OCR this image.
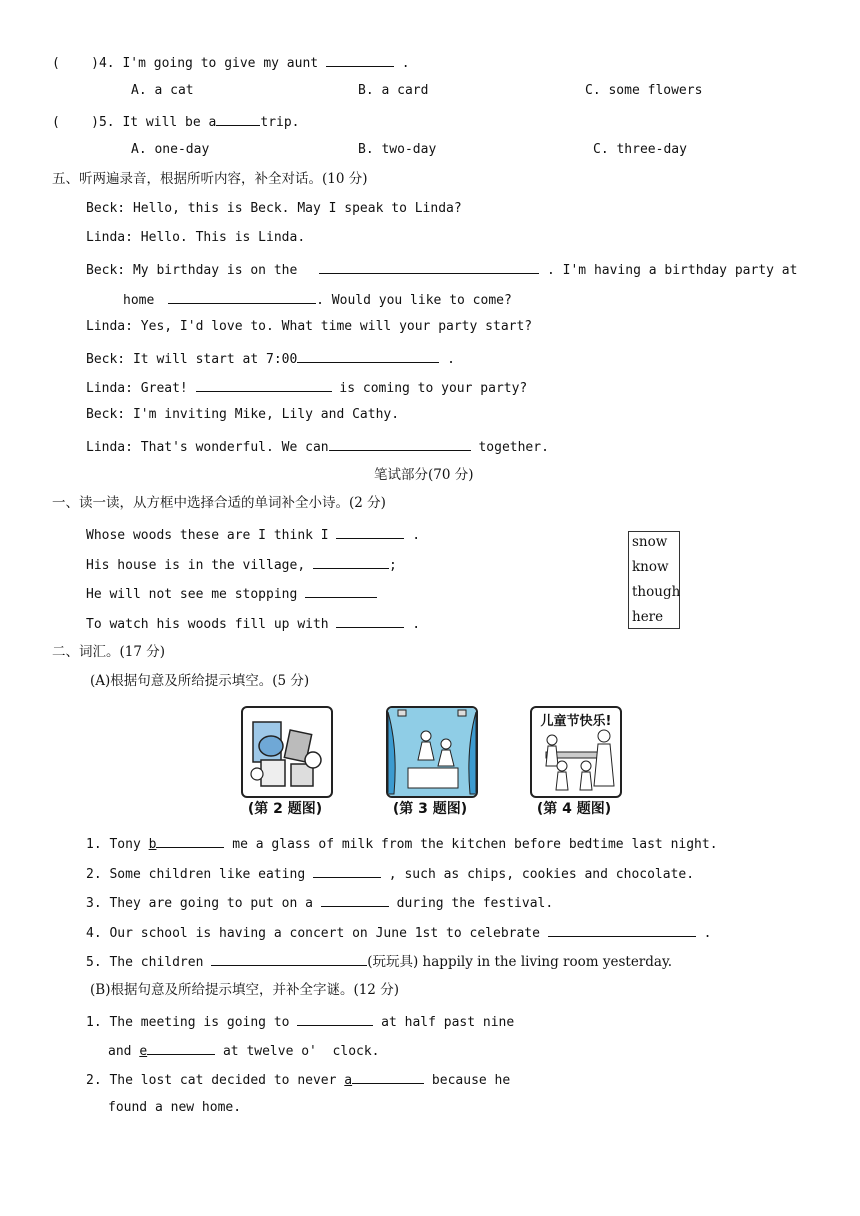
(    )4. I'm going to give my aunt	.
A. a cat	B. a card	C. some flowers
(    )5. It will be a	trip.
A. one-day	B. two-day	C. three-day
五、听两遍录音，根据所听内容，补全对话。(10 分)
Beck: Hello, this is Beck. May I speak to Linda?
Linda: Hello. This is Linda.
Beck: My birthday is on the	. I'm having a birthday party at
home	. Would you like to come?
Linda: Yes, I'd love to. What time will your party start?
Beck: It will start at 7:00	.
Linda: Great!	is coming to your party?
Beck: I'm inviting Mike, Lily and Cathy.
Linda: That's wonderful. We can	together.
笔试部分(70 分)
一、读一读，从方框中选择合适的单词补全小诗。(2 分)
Whose woods these are I think I	.
His house is in the village,	;
He will not see me stopping
To watch his woods fill up with	.
snow
know
though
here
二、词汇。(17 分)
(A)根据句意及所给提示填空。(5 分)
儿童节快乐!
(第 2 题图)	(第 3 题图)	(第 4 题图)
1. Tony b	me a glass of milk from the kitchen before bedtime last night.
2. Some children like eating	, such as chips, cookies and chocolate.
3. They are going to put on a	during the festival.
4. Our school is having a concert on June 1st to celebrate	.
5. The children	(玩玩具) happily in the living room yesterday.
(B)根据句意及所给提示填空，并补全字谜。(12 分)
1. The meeting is going to	at half past nine
and e	at twelve o'  clock.
2. The lost cat decided to never a	because he
found a new home.
